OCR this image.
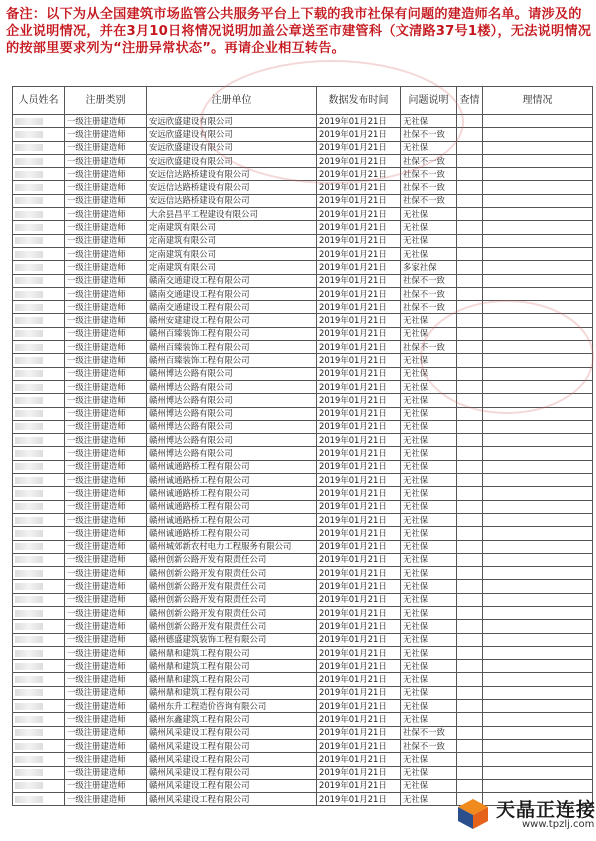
备注：以下为从全国建筑市场监管公共服务平台上下载的我市社保有问题的建造师名单。请涉及的企业说明情况，并在3月10日将情况说明加盖公章送至市建管科（文清路37号1楼），无法说明情况的按部里要求列为“注册异常状态”。再请企业相互转告。
人员姓名	注册类别	注册单位	数据发布时间	问题说明	查情	理情况
	一级注册建造师	安远欣盛建设有限公司	2019年01月21日	无社保		
	一级注册建造师	安远欣盛建设有限公司	2019年01月21日	社保不一致		
	一级注册建造师	安远欣盛建设有限公司	2019年01月21日	无社保		
	一级注册建造师	安远欣盛建设有限公司	2019年01月21日	社保不一致		
	一级注册建造师	安远信达路桥建设有限公司	2019年01月21日	社保不一致		
	一级注册建造师	安远信达路桥建设有限公司	2019年01月21日	社保不一致		
	一级注册建造师	安远信达路桥建设有限公司	2019年01月21日	社保不一致		
	一级注册建造师	大余县昌平工程建设有限公司	2019年01月21日	无社保		
	一级注册建造师	定南建筑有限公司	2019年01月21日	无社保		
	一级注册建造师	定南建筑有限公司	2019年01月21日	无社保		
	一级注册建造师	定南建筑有限公司	2019年01月21日	无社保		
	一级注册建造师	定南建筑有限公司	2019年01月21日	多家社保		
	一级注册建造师	赣南交通建设工程有限公司	2019年01月21日	社保不一致		
	一级注册建造师	赣南交通建设工程有限公司	2019年01月21日	社保不一致		
	一级注册建造师	赣南交通建设工程有限公司	2019年01月21日	社保不一致		
	一级注册建造师	赣州安建建设工程有限公司	2019年01月21日	无社保		
	一级注册建造师	赣州百臻装饰工程有限公司	2019年01月21日	无社保		
	一级注册建造师	赣州百臻装饰工程有限公司	2019年01月21日	社保不一致		
	一级注册建造师	赣州百臻装饰工程有限公司	2019年01月21日	无社保		
	一级注册建造师	赣州博达公路有限公司	2019年01月21日	无社保		
	一级注册建造师	赣州博达公路有限公司	2019年01月21日	无社保		
	一级注册建造师	赣州博达公路有限公司	2019年01月21日	无社保		
	一级注册建造师	赣州博达公路有限公司	2019年01月21日	无社保		
	一级注册建造师	赣州博达公路有限公司	2019年01月21日	无社保		
	一级注册建造师	赣州博达公路有限公司	2019年01月21日	无社保		
	一级注册建造师	赣州博达公路有限公司	2019年01月21日	无社保		
	一级注册建造师	赣州诚通路桥工程有限公司	2019年01月21日	无社保		
	一级注册建造师	赣州诚通路桥工程有限公司	2019年01月21日	无社保		
	一级注册建造师	赣州诚通路桥工程有限公司	2019年01月21日	无社保		
	一级注册建造师	赣州诚通路桥工程有限公司	2019年01月21日	无社保		
	一级注册建造师	赣州诚通路桥工程有限公司	2019年01月21日	无社保		
	一级注册建造师	赣州诚通路桥工程有限公司	2019年01月21日	无社保		
	一级注册建造师	赣州城郊新农村电力工程服务有限公司	2019年01月21日	无社保		
	一级注册建造师	赣州创新公路开发有限责任公司	2019年01月21日	无社保		
	一级注册建造师	赣州创新公路开发有限责任公司	2019年01月21日	无社保		
	一级注册建造师	赣州创新公路开发有限责任公司	2019年01月21日	无社保		
	一级注册建造师	赣州创新公路开发有限责任公司	2019年01月21日	无社保		
	一级注册建造师	赣州创新公路开发有限责任公司	2019年01月21日	无社保		
	一级注册建造师	赣州创新公路开发有限责任公司	2019年01月21日	无社保		
	一级注册建造师	赣州德盛建筑装饰工程有限公司	2019年01月21日	无社保		
	一级注册建造师	赣州鼎和建筑工程有限公司	2019年01月21日	无社保		
	一级注册建造师	赣州鼎和建筑工程有限公司	2019年01月21日	无社保		
	一级注册建造师	赣州鼎和建筑工程有限公司	2019年01月21日	无社保		
	一级注册建造师	赣州鼎和建筑工程有限公司	2019年01月21日	无社保		
	一级注册建造师	赣州东升工程造价咨询有限公司	2019年01月21日	无社保		
	一级注册建造师	赣州东鑫建筑工程有限公司	2019年01月21日	无社保		
	一级注册建造师	赣州风采建设工程有限公司	2019年01月21日	社保不一致		
	一级注册建造师	赣州风采建设工程有限公司	2019年01月21日	社保不一致		
	一级注册建造师	赣州风采建设工程有限公司	2019年01月21日	无社保		
	一级注册建造师	赣州风采建设工程有限公司	2019年01月21日	无社保		
	一级注册建造师	赣州风采建设工程有限公司	2019年01月21日	无社保		
	一级注册建造师	赣州风采建设工程有限公司	2019年01月21日	无社保		
天晶正连接
www.tpzlj.com
